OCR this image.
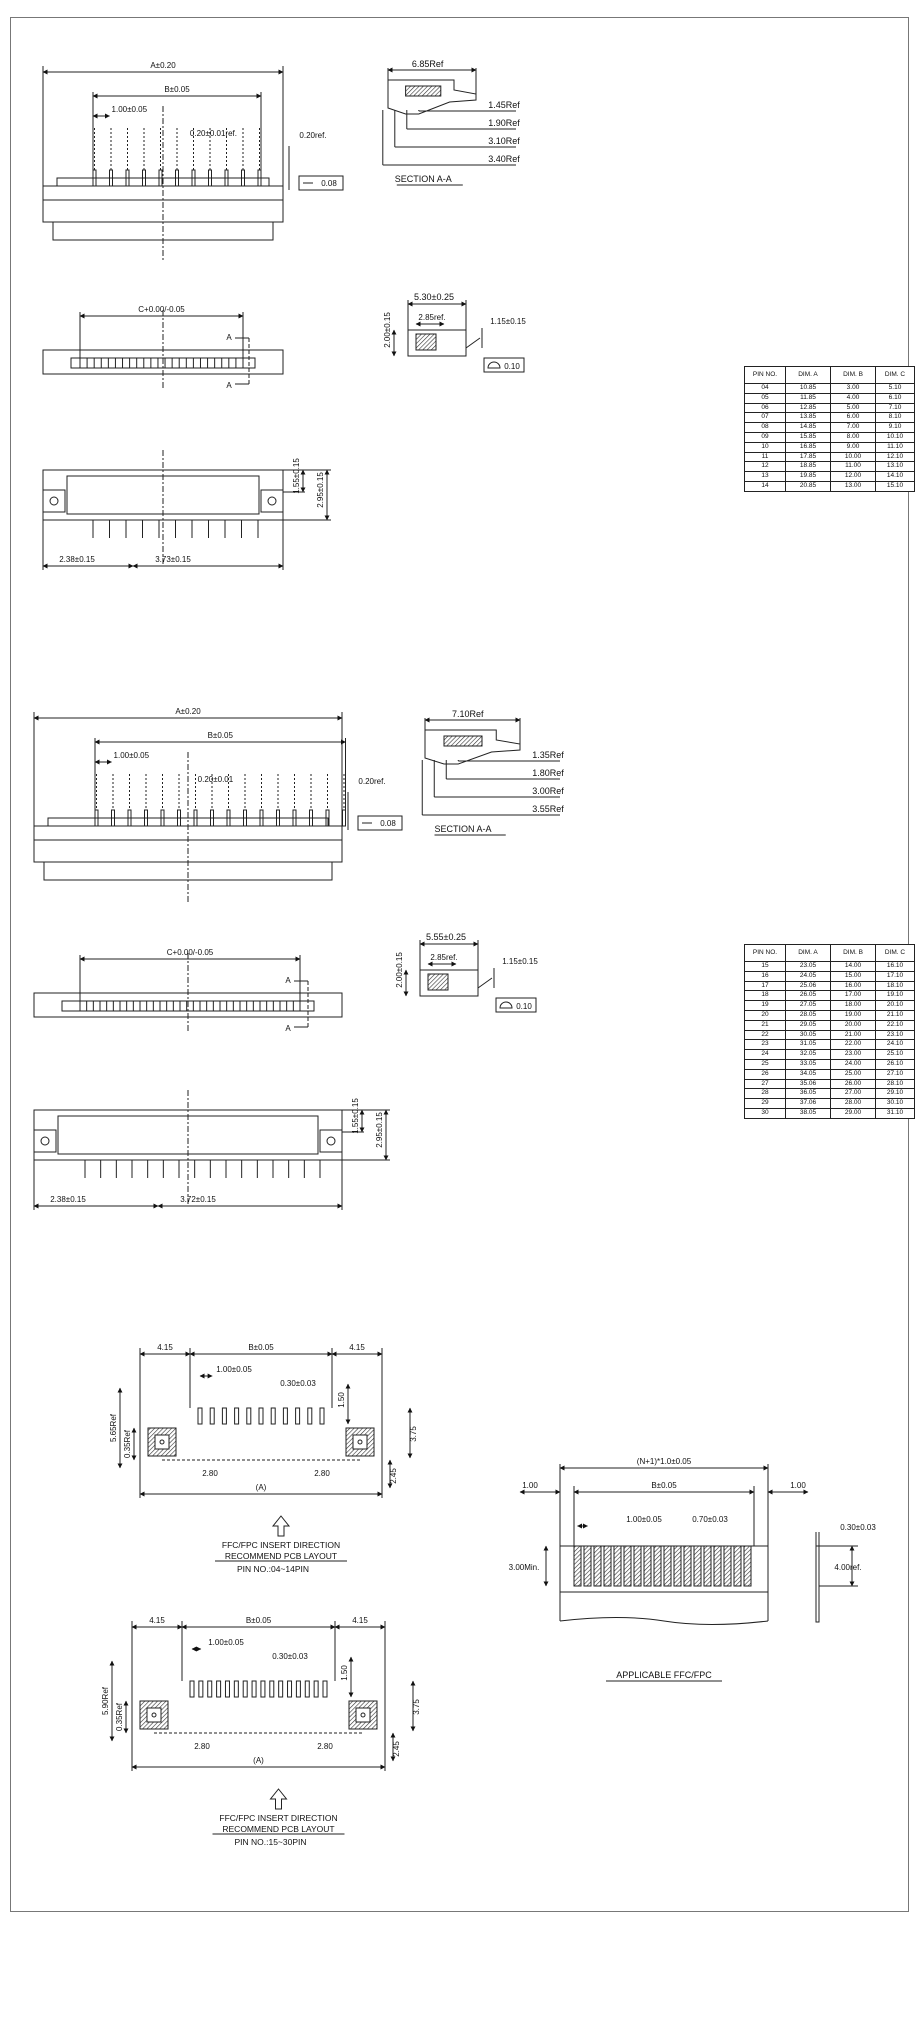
A±0.20
B±0.05
1.00±0.05
0.20±0.01ref.	0.20ref.
0.08
6.85Ref
1.45Ref
1.90Ref
3.10Ref
3.40Ref
SECTION A-A
C+0.00/-0.05
A
A
5.30±0.25
2.00±0.15	2.85ref.	1.15±0.15
0.10
2.38±0.15	3.73±0.15
1.55±0.15 2.95±0.15
A±0.20
B±0.05
1.00±0.05
0.20±0.01	0.20ref.
0.08
7.10Ref
1.35Ref
1.80Ref
3.00Ref
3.55Ref
SECTION A-A
C+0.00/-0.05
A
A
5.55±0.25
2.00±0.15	2.85ref.	1.15±0.15
0.10
2.38±0.15	3.72±0.15
1.55±0.15 2.95±0.15
4.15	B±0.05	4.15
1.00±0.05
0.30±0.03
1.50
5.65Ref
0.35Ref	3.75
2.80	2.80	2.45
(A)
FFC/FPC INSERT DIRECTION
RECOMMEND PCB LAYOUT
PIN NO.:04~14PIN
4.15	B±0.05	4.15
1.00±0.05
0.30±0.03
1.50
5.90Ref
0.35Ref	3.75
2.80	2.80	2.45
(A)
FFC/FPC INSERT DIRECTION
RECOMMEND PCB LAYOUT
PIN NO.:15~30PIN
(N+1)*1.0±0.05
1.00	B±0.05	1.00
1.00±0.05	0.70±0.03
3.00Min.
0.30±0.03
4.00ref.
APPLICABLE FFC/FPC
PIN NO.	DIM. A	DIM. B	DIM. C
04	10.85	3.00	5.10
05	11.85	4.00	6.10
06	12.85	5.00	7.10
07	13.85	6.00	8.10
08	14.85	7.00	9.10
09	15.85	8.00	10.10
10	16.85	9.00	11.10
11	17.85	10.00	12.10
12	18.85	11.00	13.10
13	19.85	12.00	14.10
14	20.85	13.00	15.10
PIN NO.	DIM. A	DIM. B	DIM. C
15	23.05	14.00	16.10
16	24.05	15.00	17.10
17	25.06	16.00	18.10
18	26.05	17.00	19.10
19	27.05	18.00	20.10
20	28.05	19.00	21.10
21	29.05	20.00	22.10
22	30.05	21.00	23.10
23	31.05	22.00	24.10
24	32.05	23.00	25.10
25	33.05	24.00	26.10
26	34.05	25.00	27.10
27	35.06	26.00	28.10
28	36.05	27.00	29.10
29	37.06	28.00	30.10
30	38.05	29.00	31.10
